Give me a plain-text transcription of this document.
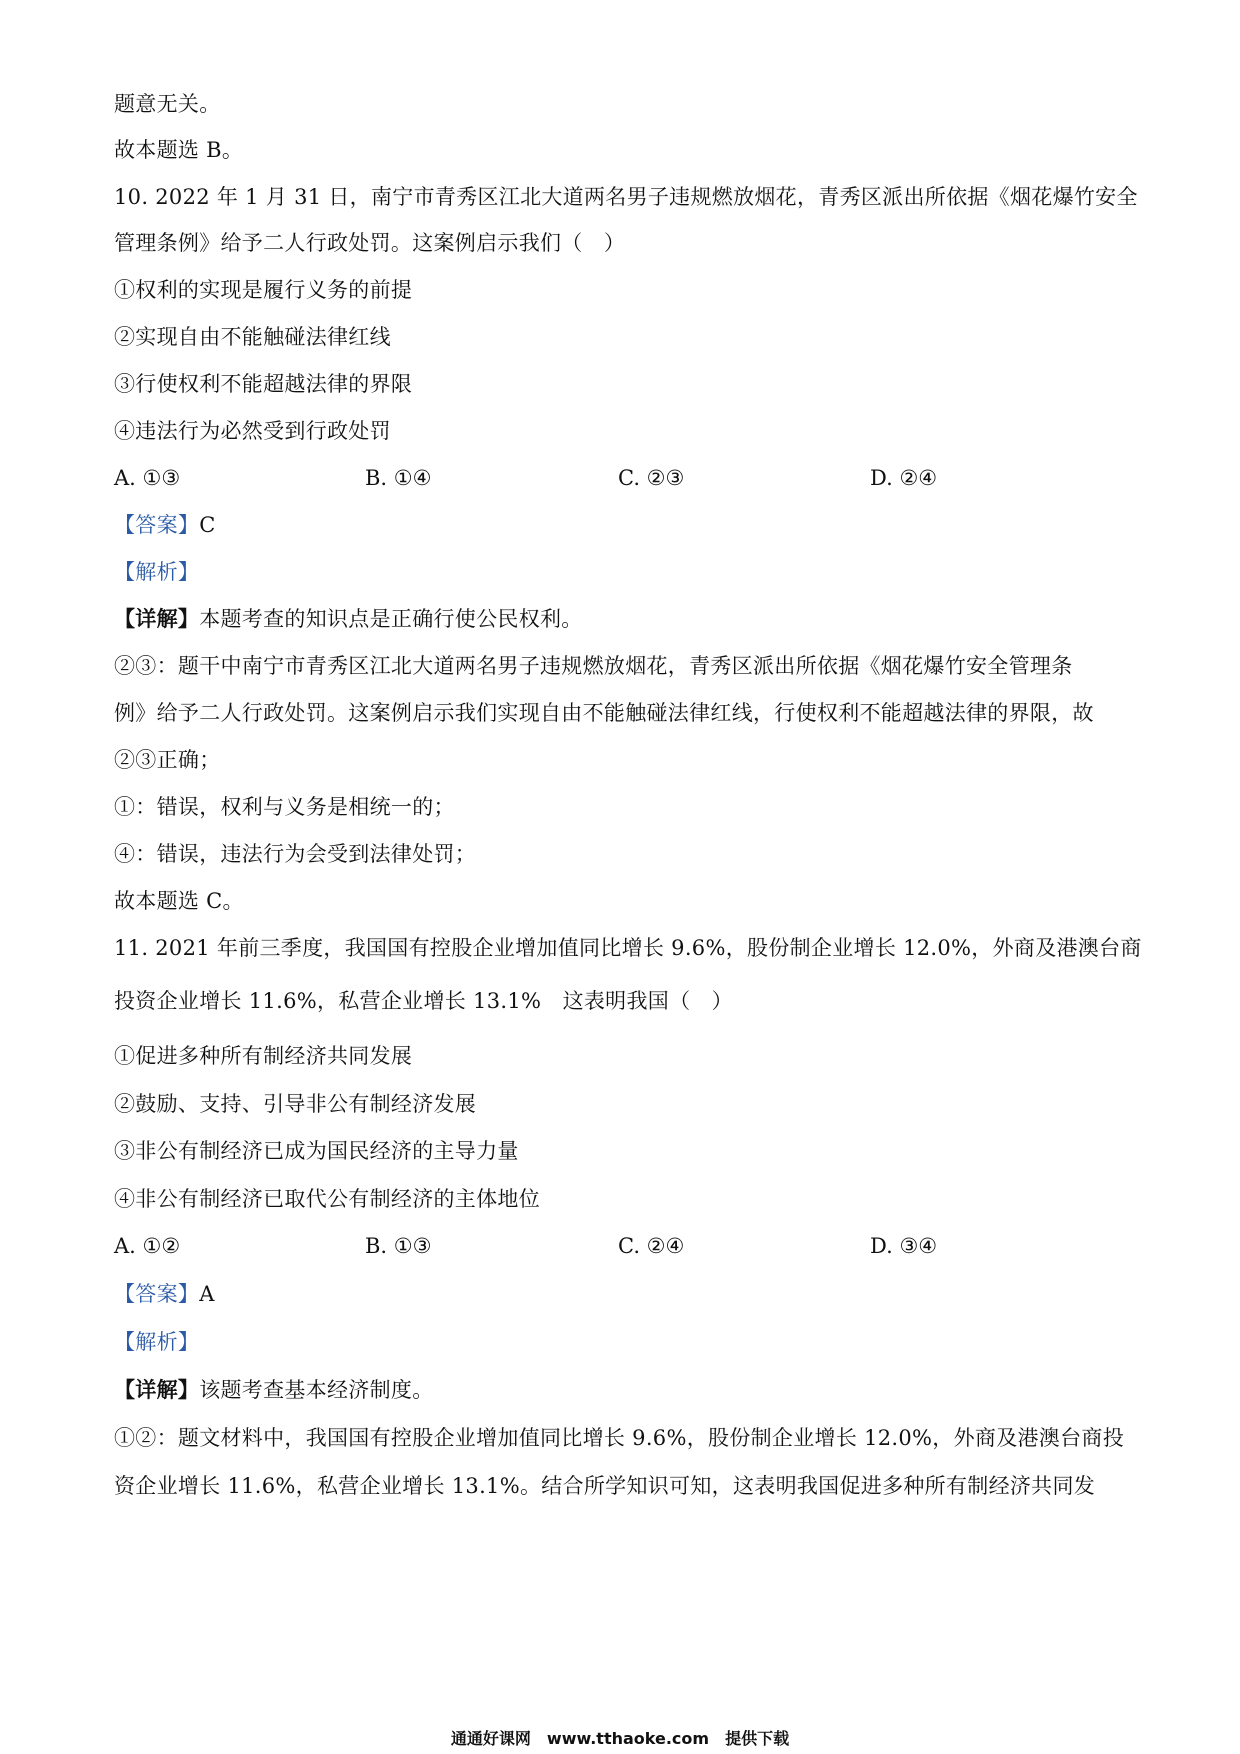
题意无关。
故本题选 B。
10. 2022 年 1 月 31 日，南宁市青秀区江北大道两名男子违规燃放烟花，青秀区派出所依据《烟花爆竹安全
管理条例》给予二人行政处罚。这案例启示我们（　）
①权利的实现是履行义务的前提
②实现自由不能触碰法律红线
③行使权利不能超越法律的界限
④违法行为必然受到行政处罚
A. ①③	B. ①④	C. ②③	D. ②④
【答案】C
【解析】
【详解】本题考查的知识点是正确行使公民权利。
②③：题干中南宁市青秀区江北大道两名男子违规燃放烟花，青秀区派出所依据《烟花爆竹安全管理条
例》给予二人行政处罚。这案例启示我们实现自由不能触碰法律红线，行使权利不能超越法律的界限，故
②③正确；
①：错误，权利与义务是相统一的；
④：错误，违法行为会受到法律处罚；
故本题选 C。
11. 2021 年前三季度，我国国有控股企业增加值同比增长 9.6%，股份制企业增长 12.0%，外商及港澳台商
投资企业增长 11.6%，私营企业增长 13.1%　这表明我国（　）
①促进多种所有制经济共同发展
②鼓励、支持、引导非公有制经济发展
③非公有制经济已成为国民经济的主导力量
④非公有制经济已取代公有制经济的主体地位
A. ①②	B. ①③	C. ②④	D. ③④
【答案】A
【解析】
【详解】该题考查基本经济制度。
①②：题文材料中，我国国有控股企业增加值同比增长 9.6%，股份制企业增长 12.0%，外商及港澳台商投
资企业增长 11.6%，私营企业增长 13.1%。结合所学知识可知，这表明我国促进多种所有制经济共同发
通通好课网　www.tthaoke.com　提供下载
